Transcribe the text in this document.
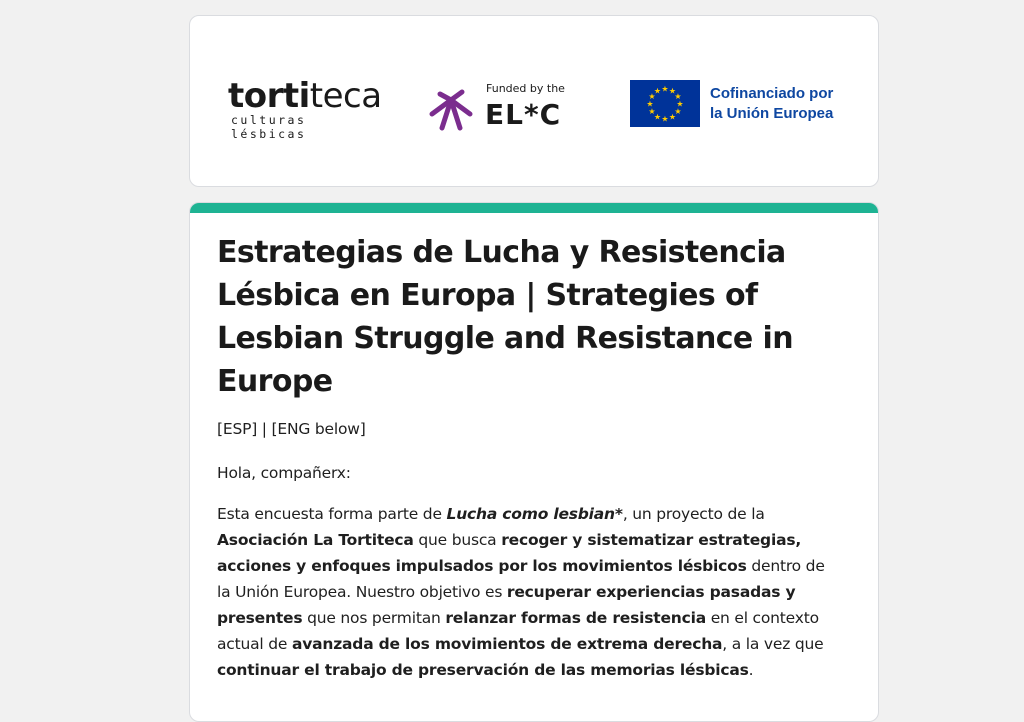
tortiteca
culturas lésbicas
Funded by the
EL*C
★ ★
★
★
★
★
★
★
★
★
★
★	Cofinanciado por
la Unión Europea
Estrategias de Lucha y Resistencia Lésbica en Europa | Strategies of Lesbian Struggle and Resistance in Europe

[ESP] | [ENG below]

Hola, compañerx:

Esta encuesta forma parte de Lucha como lesbian*, un proyecto de la Asociación La Tortiteca que busca recoger y sistematizar estrategias, acciones y enfoques impulsados por los movimientos lésbicos dentro de la Unión Europea. Nuestro objetivo es recuperar experiencias pasadas y presentes que nos permitan relanzar formas de resistencia en el contexto actual de avanzada de los movimientos de extrema derecha, a la vez que continuar el trabajo de preservación de las memorias lésbicas.
